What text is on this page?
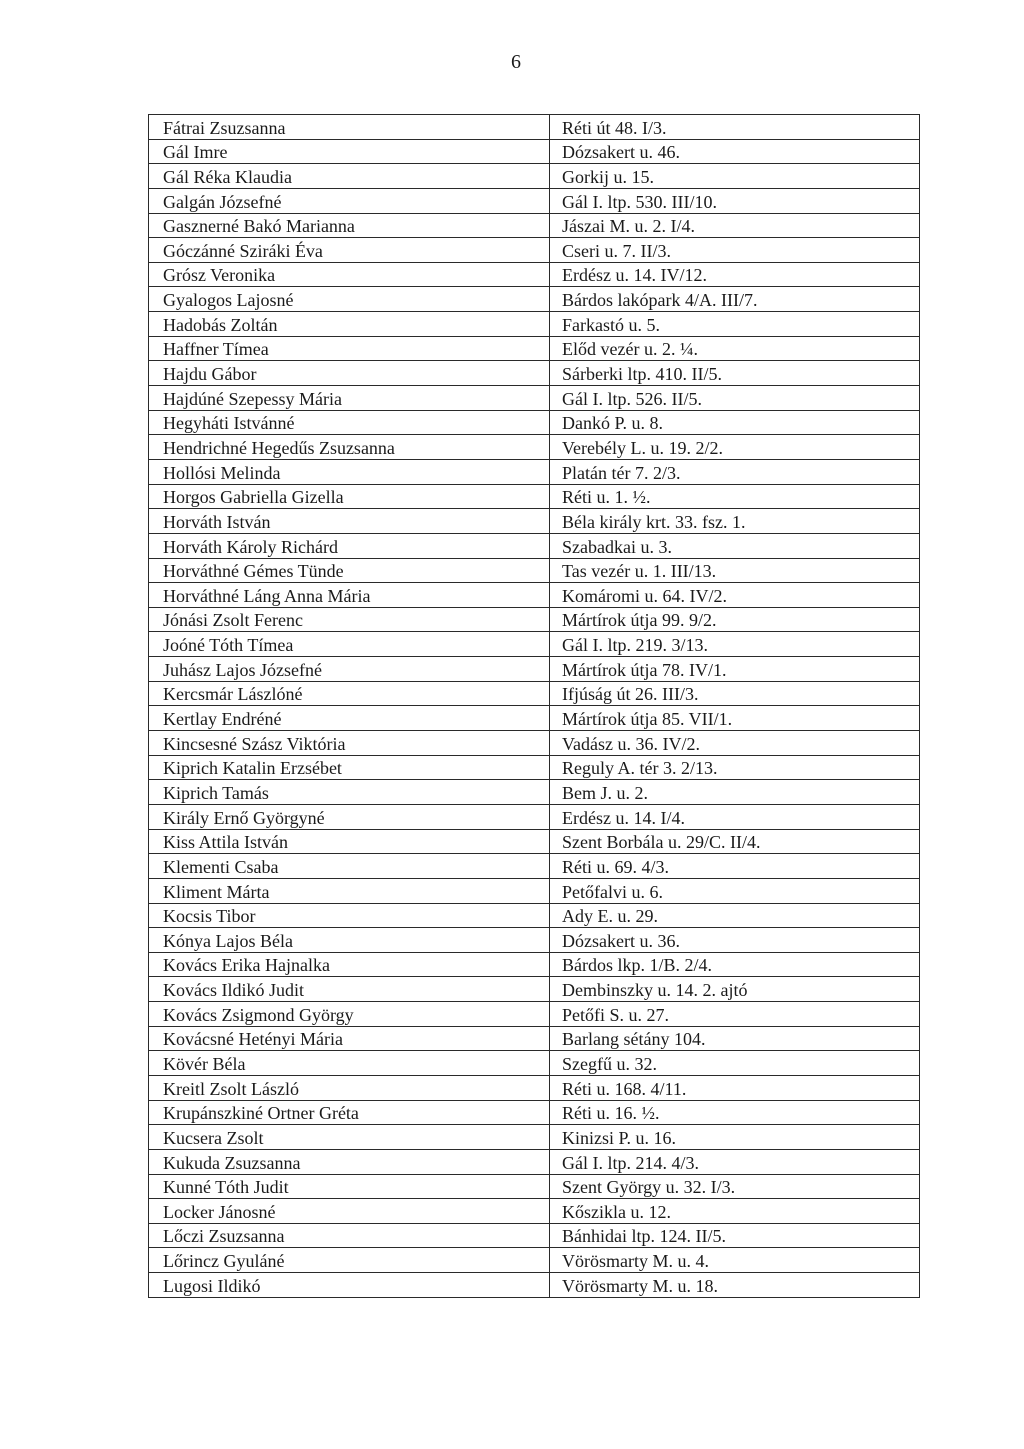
6
Fátrai Zsuzsanna	Réti út 48. I/3.
Gál Imre	Dózsakert u. 46.
Gál Réka Klaudia	Gorkij u. 15.
Galgán Józsefné	Gál I. ltp. 530. III/10.
Gasznerné Bakó Marianna	Jászai M. u. 2. I/4.
Góczánné Sziráki Éva	Cseri u. 7. II/3.
Grósz Veronika	Erdész u. 14. IV/12.
Gyalogos Lajosné	Bárdos lakópark 4/A. III/7.
Hadobás Zoltán	Farkastó u. 5.
Haffner Tímea	Előd vezér u. 2. ¼.
Hajdu Gábor	Sárberki ltp. 410. II/5.
Hajdúné Szepessy Mária	Gál I. ltp. 526. II/5.
Hegyháti Istvánné	Dankó P. u. 8.
Hendrichné Hegedűs Zsuzsanna	Verebély L. u. 19. 2/2.
Hollósi Melinda	Platán tér 7. 2/3.
Horgos Gabriella Gizella	Réti u. 1. ½.
Horváth István	Béla király krt. 33. fsz. 1.
Horváth Károly Richárd	Szabadkai u. 3.
Horváthné Gémes Tünde	Tas vezér u. 1. III/13.
Horváthné Láng Anna Mária	Komáromi u. 64. IV/2.
Jónási Zsolt Ferenc	Mártírok útja 99. 9/2.
Joóné Tóth Tímea	Gál I. ltp. 219. 3/13.
Juhász Lajos Józsefné	Mártírok útja 78. IV/1.
Kercsmár Lászlóné	Ifjúság út 26. III/3.
Kertlay Endréné	Mártírok útja 85. VII/1.
Kincsesné Szász Viktória	Vadász u. 36. IV/2.
Kiprich Katalin Erzsébet	Reguly A. tér 3. 2/13.
Kiprich Tamás	Bem J. u. 2.
Király Ernő Györgyné	Erdész u. 14. I/4.
Kiss Attila István	Szent Borbála u. 29/C. II/4.
Klementi Csaba	Réti u. 69. 4/3.
Kliment Márta	Petőfalvi u. 6.
Kocsis Tibor	Ady E. u. 29.
Kónya Lajos Béla	Dózsakert u. 36.
Kovács Erika Hajnalka	Bárdos lkp. 1/B. 2/4.
Kovács Ildikó Judit	Dembinszky u. 14. 2. ajtó
Kovács Zsigmond György	Petőfi S. u. 27.
Kovácsné Hetényi Mária	Barlang sétány 104.
Kövér Béla	Szegfű u. 32.
Kreitl Zsolt László	Réti u. 168. 4/11.
Krupánszkiné Ortner Gréta	Réti u. 16. ½.
Kucsera Zsolt	Kinizsi P. u. 16.
Kukuda Zsuzsanna	Gál I. ltp. 214. 4/3.
Kunné Tóth Judit	Szent György u. 32. I/3.
Locker Jánosné	Kőszikla u. 12.
Lőczi Zsuzsanna	Bánhidai ltp. 124. II/5.
Lőrincz Gyuláné	Vörösmarty M. u. 4.
Lugosi Ildikó	Vörösmarty M. u. 18.
